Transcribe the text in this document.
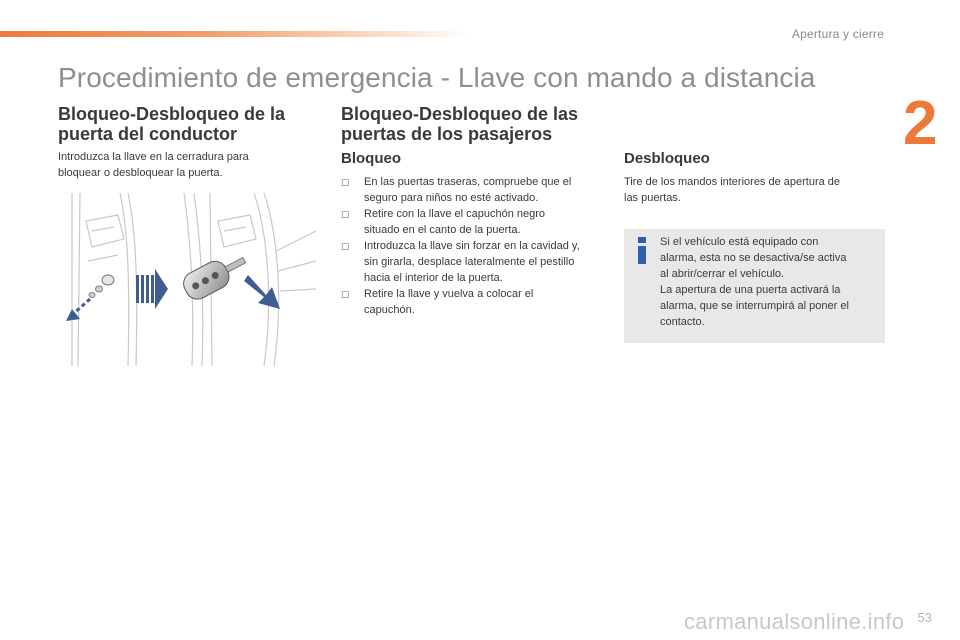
Apertura y cierre
2
Procedimiento de emergencia - Llave con mando a distancia
Bloqueo-Desbloqueo de la
puerta del conductor

Introduzca la llave en la cerradura para
bloquear o desbloquear la puerta.

Bloqueo-Desbloqueo de las
puertas de los pasajeros
Bloqueo
☐ En las puertas traseras, compruebe que el
seguro para niños no esté activado.
☐ Retire con la llave el capuchón negro
situado en el canto de la puerta.
☐ Introduzca la llave sin forzar en la cavidad y,
sin girarla, desplace lateralmente el pestillo
hacia el interior de la puerta.
☐ Retire la llave y vuelva a colocar el
capuchón.
Desbloqueo

Tire de los mandos interiores de apertura de
las puertas.

Si el vehículo está equipado con
alarma, esta no se desactiva/se activa
al abrir/cerrar el vehículo.
La apertura de una puerta activará la
alarma, que se interrumpirá al poner el
contacto.

carmanualsonline.info 53
